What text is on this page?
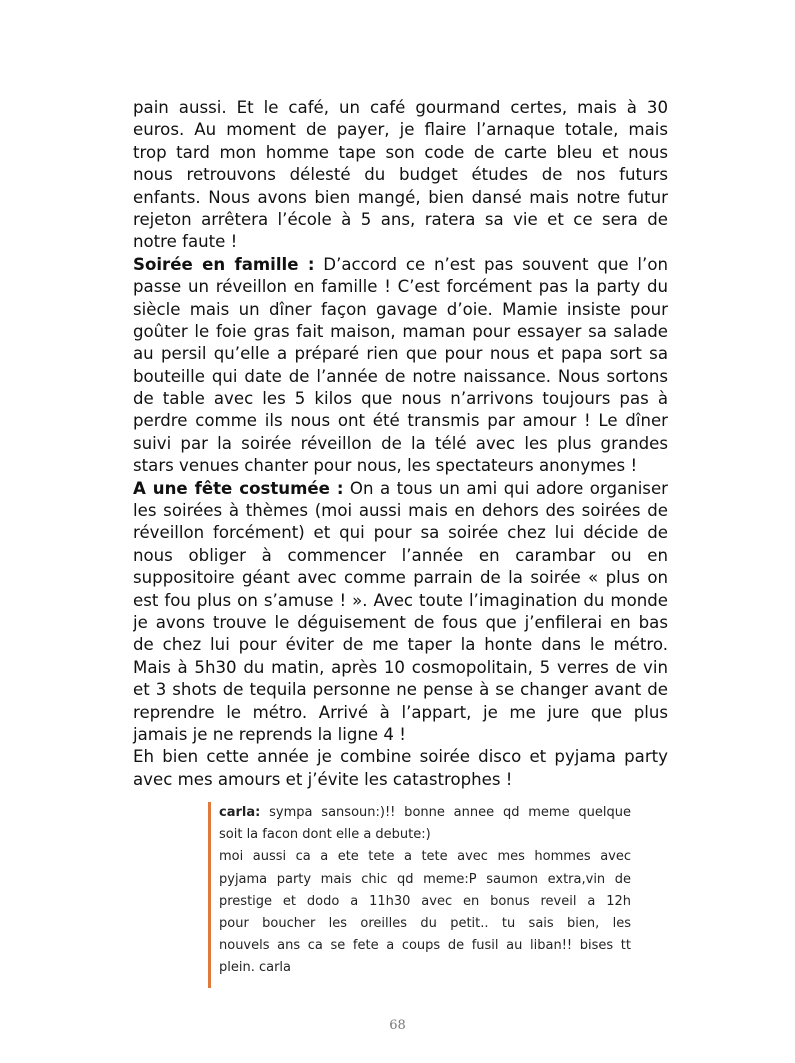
pain aussi. Et le café, un café gourmand certes, mais à 30
euros. Au moment de payer, je flaire l’arnaque totale, mais
trop tard mon homme tape son code de carte bleu et nous
nous retrouvons délesté du budget études de nos futurs
enfants. Nous avons bien mangé, bien dansé mais notre futur
rejeton arrêtera l’école à 5 ans, ratera sa vie et ce sera de
notre faute !
Soirée en famille : D’accord ce n’est pas souvent que l’on
passe un réveillon en famille ! C’est forcément pas la party du
siècle mais un dîner façon gavage d’oie. Mamie insiste pour
goûter le foie gras fait maison, maman pour essayer sa salade
au persil qu’elle a préparé rien que pour nous et papa sort sa
bouteille qui date de l’année de notre naissance. Nous sortons
de table avec les 5 kilos que nous n’arrivons toujours pas à
perdre comme ils nous ont été transmis par amour ! Le dîner
suivi par la soirée réveillon de la télé avec les plus grandes
stars venues chanter pour nous, les spectateurs anonymes !
A une fête costumée : On a tous un ami qui adore organiser
les soirées à thèmes (moi aussi mais en dehors des soirées de
réveillon forcément) et qui pour sa soirée chez lui décide de
nous obliger à commencer l’année en carambar ou en
suppositoire géant avec comme parrain de la soirée « plus on
est fou plus on s’amuse ! ». Avec toute l’imagination du monde
je avons trouve le déguisement de fous que j’enfilerai en bas
de chez lui pour éviter de me taper la honte dans le métro.
Mais à 5h30 du matin, après 10 cosmopolitain, 5 verres de vin
et 3 shots de tequila personne ne pense à se changer avant de
reprendre le métro. Arrivé à l’appart, je me jure que plus
jamais je ne reprends la ligne 4 !
Eh bien cette année je combine soirée disco et pyjama party
avec mes amours et j’évite les catastrophes !
carla: sympa sansoun:)!! bonne annee qd meme quelque
soit la facon dont elle a debute:)
moi aussi ca a ete tete a tete avec mes hommes avec
pyjama party mais chic qd meme:P saumon extra,vin de
prestige et dodo a 11h30 avec en bonus reveil a 12h
pour boucher les oreilles du petit.. tu sais bien, les
nouvels ans ca se fete a coups de fusil au liban!! bises tt
plein. carla
68
